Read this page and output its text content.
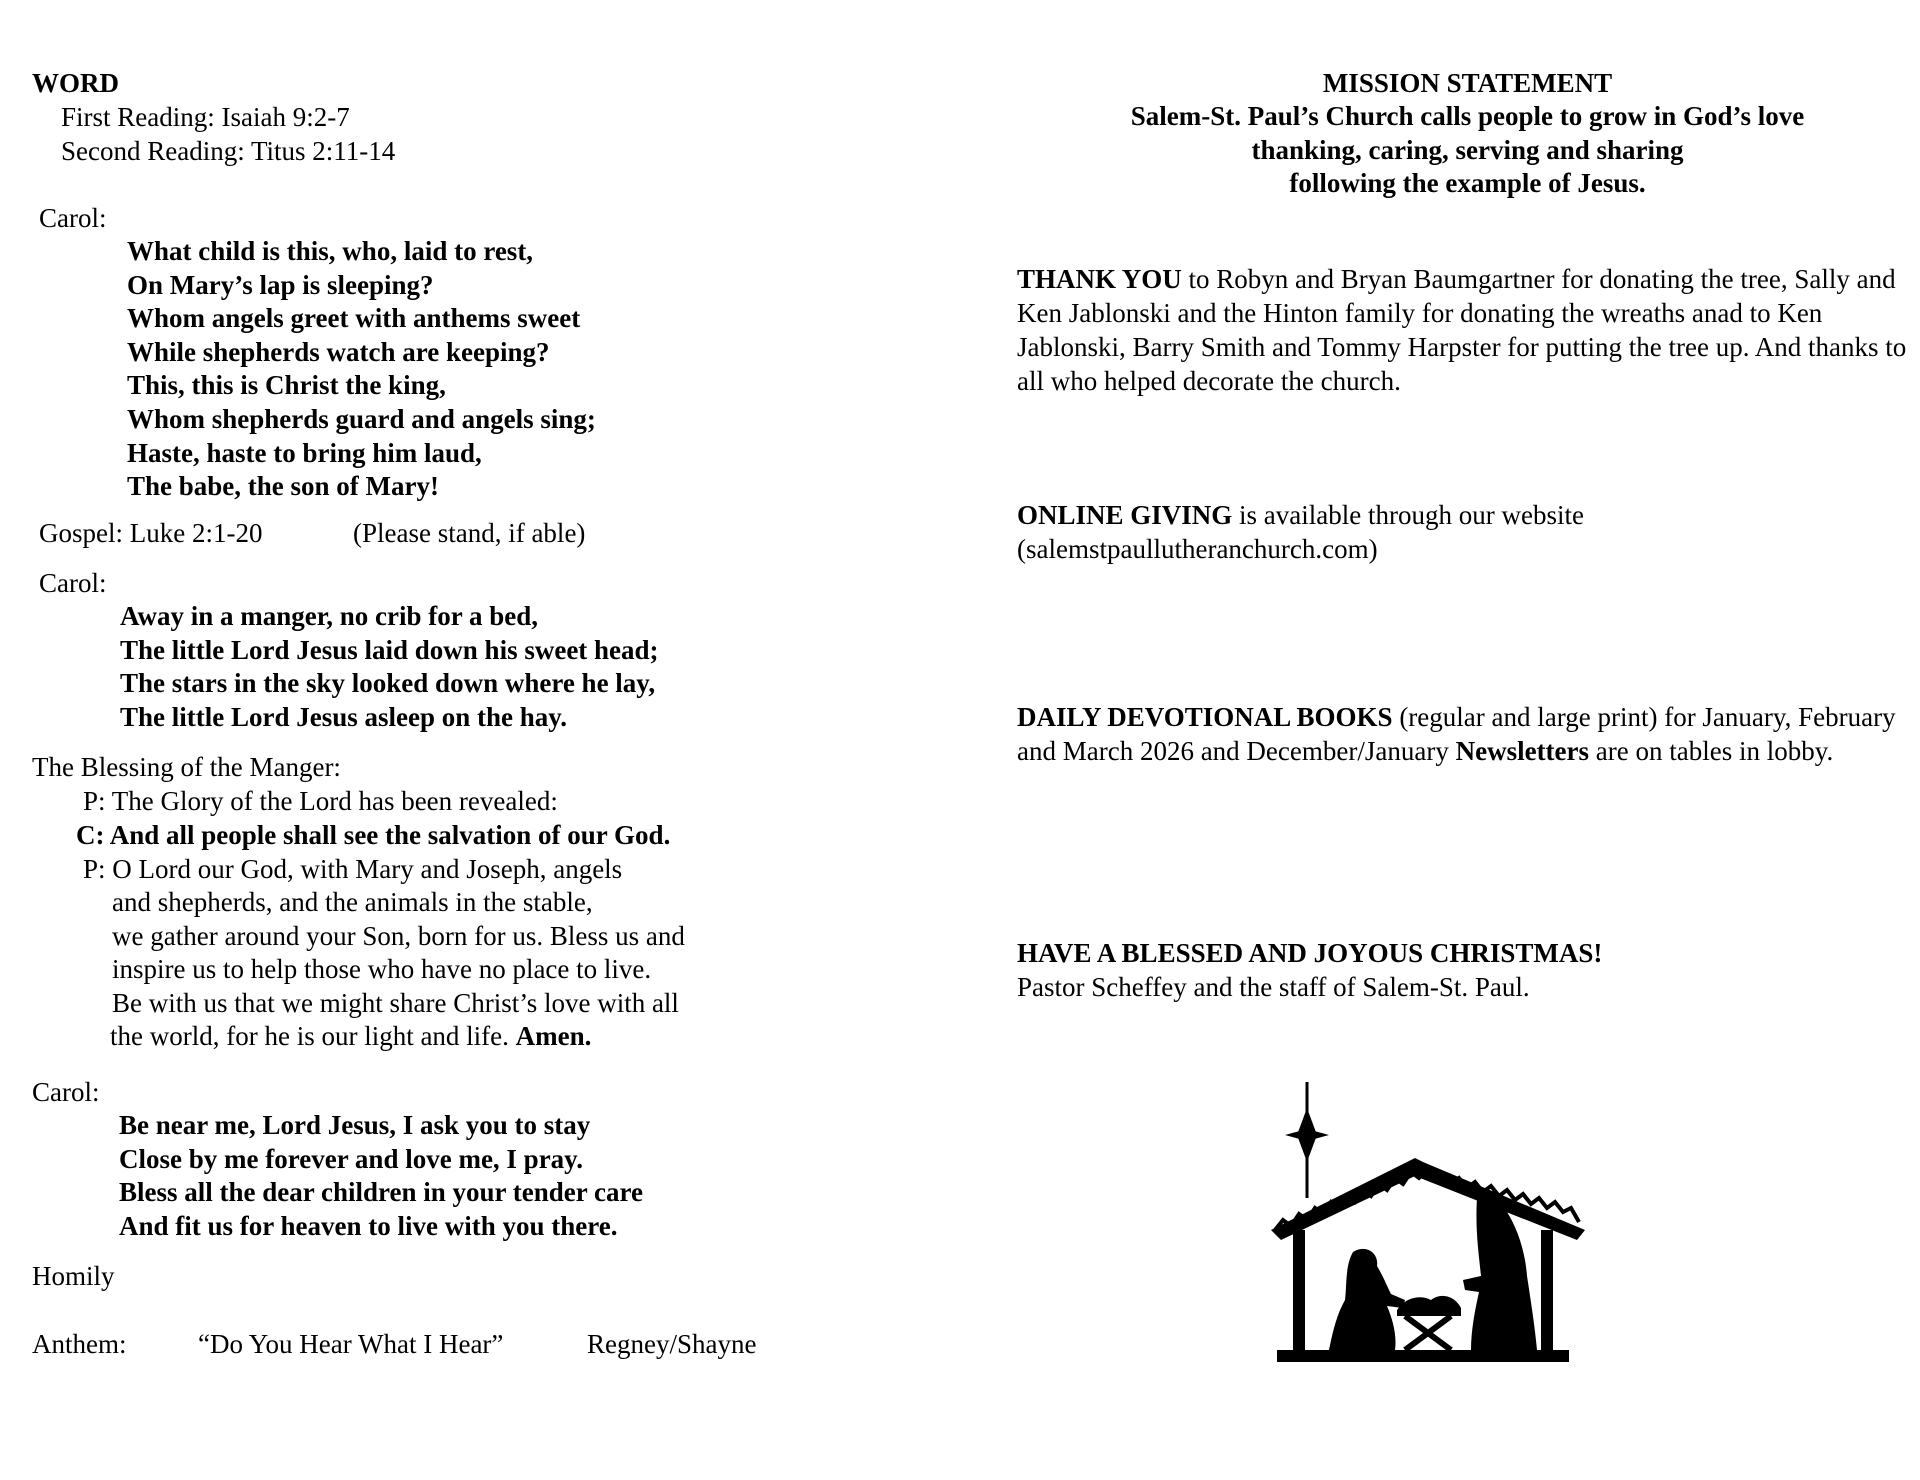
WORD
First Reading: Isaiah 9:2-7
Second Reading: Titus 2:11-14
Carol:
What child is this, who, laid to rest,
On Mary’s lap is sleeping?
Whom angels greet with anthems sweet
While shepherds watch are keeping?
This, this is Christ the king,
Whom shepherds guard and angels sing;
Haste, haste to bring him laud,
The babe, the son of Mary!
Gospel: Luke 2:1-20	(Please stand, if able)
Carol:
Away in a manger, no crib for a bed,
The little Lord Jesus laid down his sweet head;
The stars in the sky looked down where he lay,
The little Lord Jesus asleep on the hay.
The Blessing of the Manger:
P: The Glory of the Lord has been revealed:
C: And all people shall see the salvation of our God.
P: O Lord our God, with Mary and Joseph, angels
and shepherds, and the animals in the stable,
we gather around your Son, born for us. Bless us and
inspire us to help those who have no place to live.
Be with us that we might share Christ’s love with all
the world, for he is our light and life. Amen.
Carol:
Be near me, Lord Jesus, I ask you to stay
Close by me forever and love me, I pray.
Bless all the dear children in your tender care
And fit us for heaven to live with you there.
Homily
Anthem:	“Do You Hear What I Hear”	Regney/Shayne
MISSION STATEMENT
Salem-St. Paul’s Church calls people to grow in God’s love
thanking, caring, serving and sharing
following the example of Jesus.
THANK YOU to Robyn and Bryan Baumgartner for donating the tree, Sally and Ken Jablonski and the Hinton family for donating the wreaths anad to Ken Jablonski, Barry Smith and Tommy Harpster for putting the tree up. And thanks to all who helped decorate the church.
ONLINE GIVING is available through our website (salemstpaullutheranchurch.com)
DAILY DEVOTIONAL BOOKS (regular and large print) for January, February and March 2026 and December/January Newsletters are on tables in lobby.
HAVE A BLESSED AND JOYOUS CHRISTMAS!
Pastor Scheffey and the staff of Salem-St. Paul.
